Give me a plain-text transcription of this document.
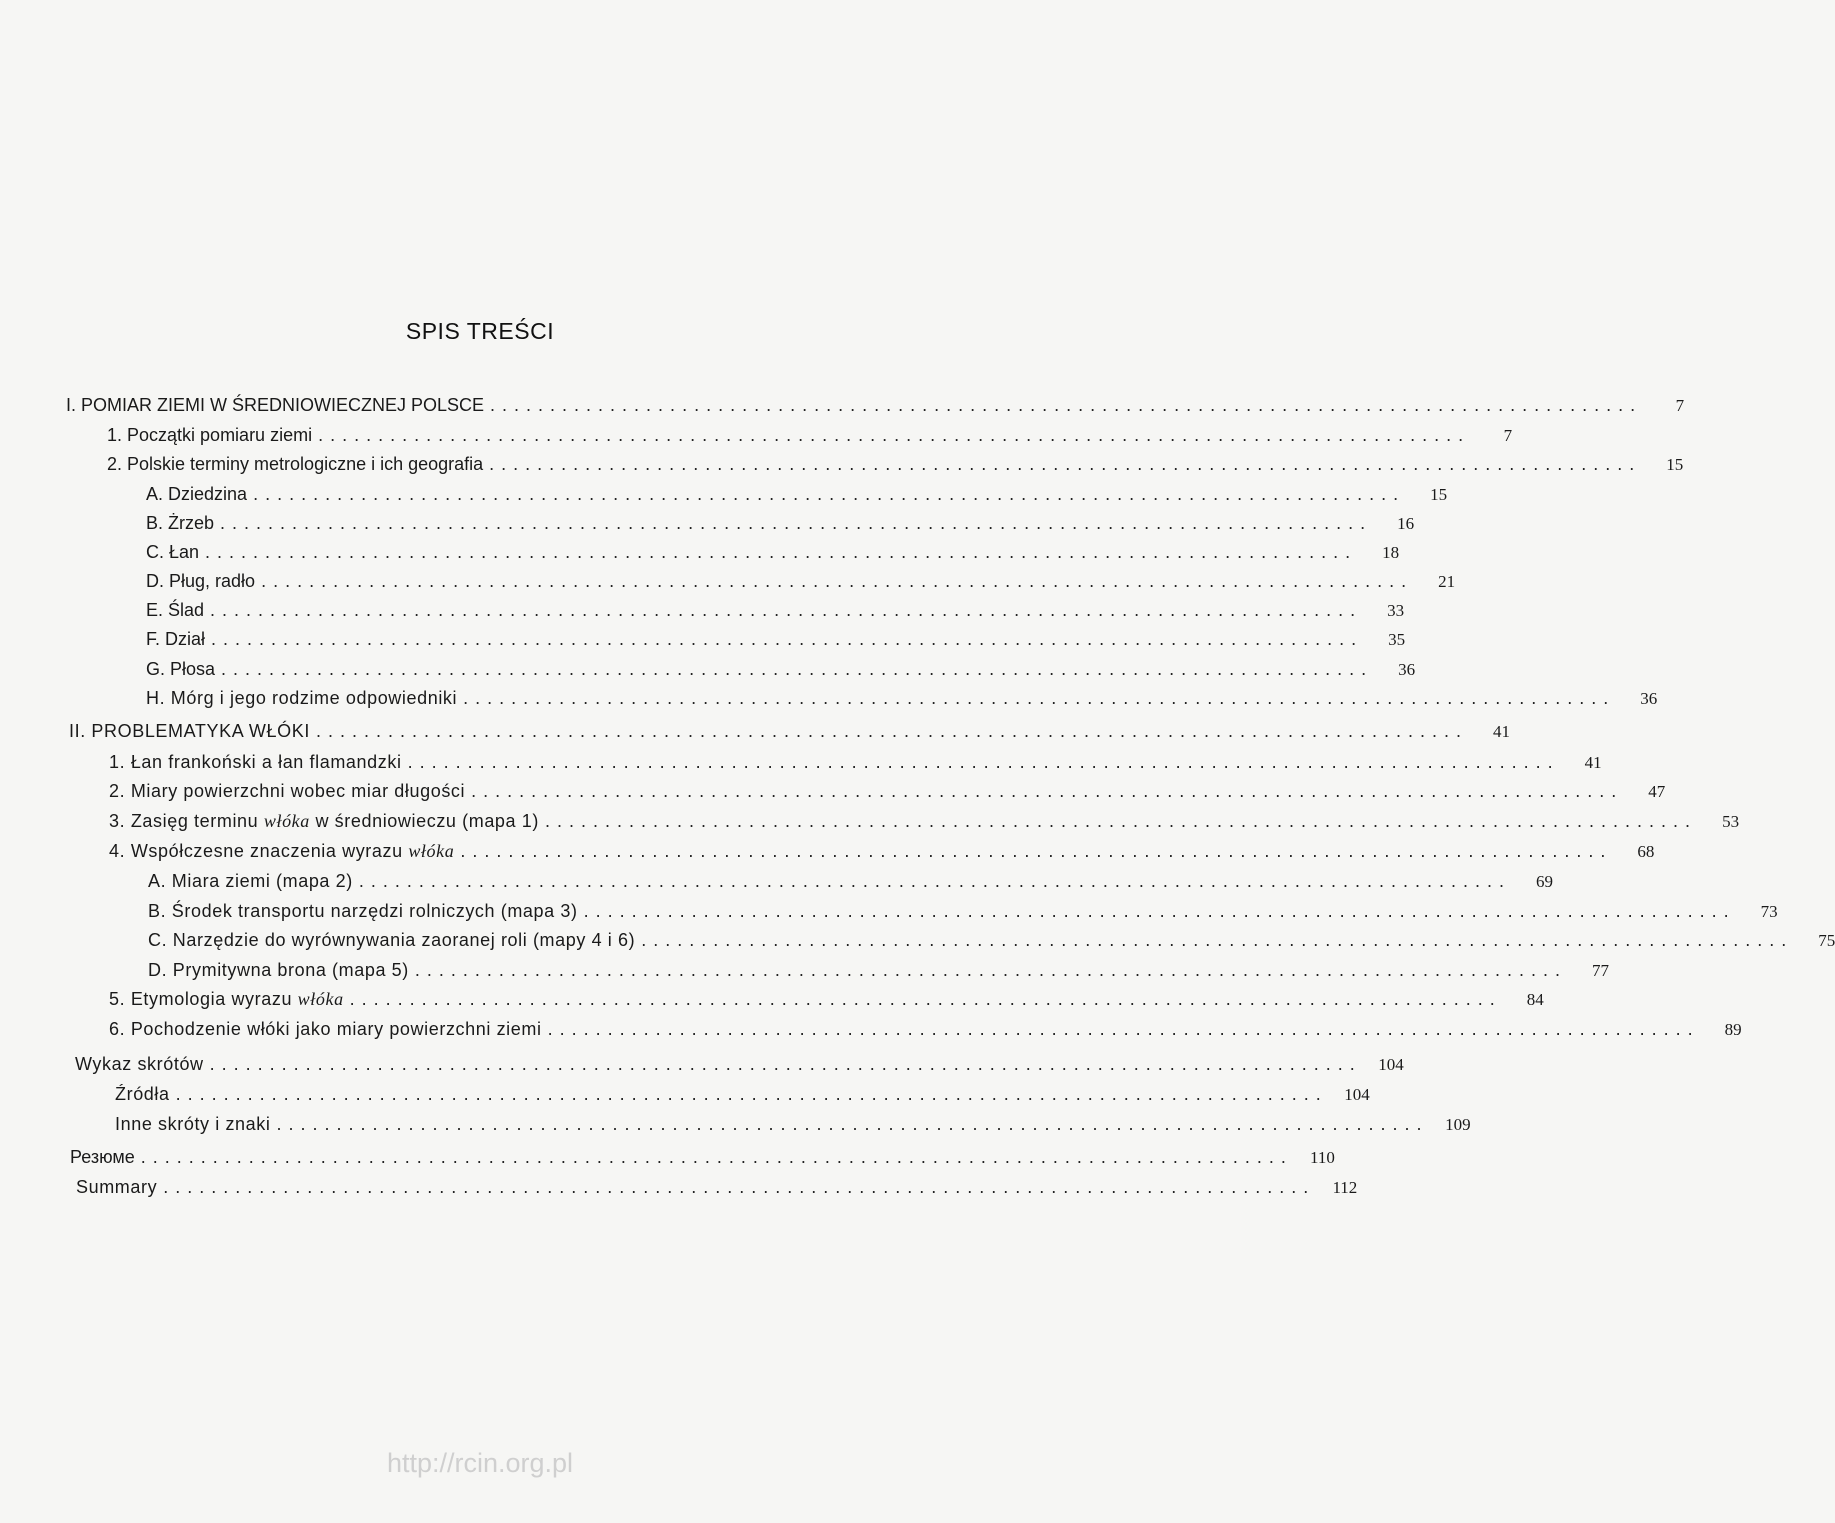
SPIS TREŚCI
I. POMIAR ZIEMI W ŚREDNIOWIECZNEJ POLSCE ................................................................................................	7
1. Początki pomiaru ziemi ................................................................................................	7
2. Polskie terminy metrologiczne i ich geografia ................................................................................................	15
A. Dziedzina ................................................................................................	15
B. Żrzeb ................................................................................................	16
C. Łan ................................................................................................	18
D. Pług, radło ................................................................................................	21
E. Ślad ................................................................................................	33
F. Dział ................................................................................................	35
G. Płosa ................................................................................................	36
H. Mórg i jego rodzime odpowiedniki ................................................................................................	36
II. PROBLEMATYKA WŁÓKI ................................................................................................	41
1. Łan frankoński a łan flamandzki ................................................................................................	41
2. Miary powierzchni wobec miar długości ................................................................................................	47
3. Zasięg terminu włóka w średniowieczu (mapa 1) ................................................................................................	53
4. Współczesne znaczenia wyrazu włóka ................................................................................................	68
A. Miara ziemi (mapa 2) ................................................................................................	69
B. Środek transportu narzędzi rolniczych (mapa 3) ................................................................................................	73
C. Narzędzie do wyrównywania zaoranej roli (mapy 4 i 6) ................................................................................................	75
D. Prymitywna brona (mapa 5) ................................................................................................	77
5. Etymologia wyrazu włóka ................................................................................................	84
6. Pochodzenie włóki jako miary powierzchni ziemi ................................................................................................	89
Wykaz skrótów ................................................................................................ 104
Źródła ................................................................................................ 104
Inne skróty i znaki ................................................................................................ 109
Резюме ................................................................................................	110
Summary ................................................................................................	112
http://rcin.org.pl
